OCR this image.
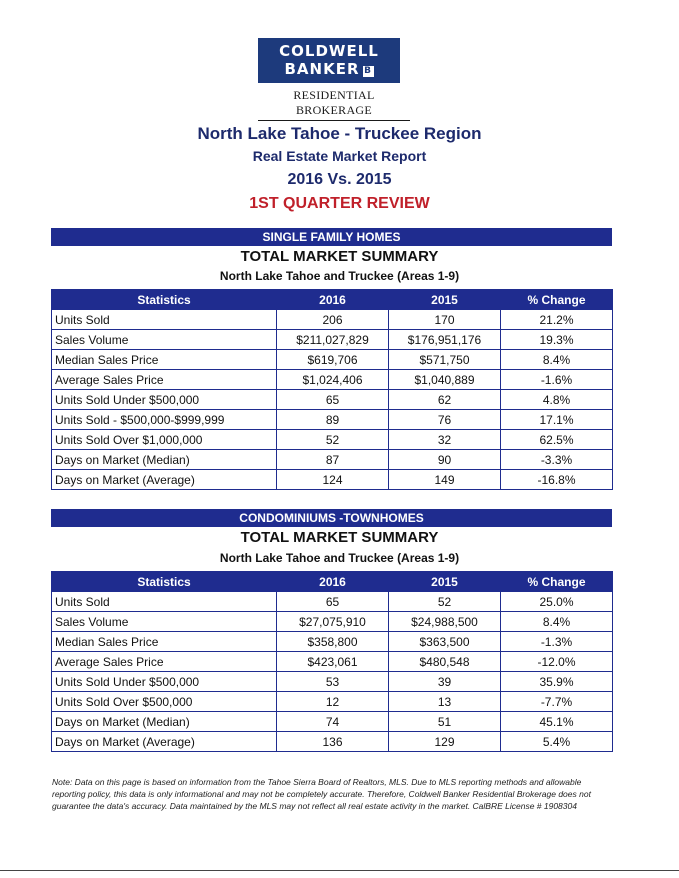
COLDWELL
BANKER B
RESIDENTIAL BROKERAGE
North Lake Tahoe - Truckee Region
Real Estate Market Report
2016 Vs. 2015
1ST QUARTER REVIEW
SINGLE FAMILY HOMES
TOTAL MARKET SUMMARY
North Lake Tahoe and Truckee (Areas 1-9)
Statistics	2016	2015	% Change
Units Sold	206	170	21.2%
Sales Volume	$211,027,829	$176,951,176	19.3%
Median Sales Price	$619,706	$571,750	8.4%
Average Sales Price	$1,024,406	$1,040,889	-1.6%
Units Sold Under $500,000	65	62	4.8%
Units Sold - $500,000-$999,999	89	76	17.1%
Units Sold Over $1,000,000	52	32	62.5%
Days on Market (Median)	87	90	-3.3%
Days on Market (Average)	124	149	-16.8%
CONDOMINIUMS -TOWNHOMES
TOTAL MARKET SUMMARY
North Lake Tahoe and Truckee (Areas 1-9)
Statistics	2016	2015	% Change
Units Sold	65	52	25.0%
Sales Volume	$27,075,910	$24,988,500	8.4%
Median Sales Price	$358,800	$363,500	-1.3%
Average Sales Price	$423,061	$480,548	-12.0%
Units Sold Under $500,000	53	39	35.9%
Units Sold Over $500,000	12	13	-7.7%
Days on Market (Median)	74	51	45.1%
Days on Market (Average)	136	129	5.4%
Note: Data on this page is based on information from the Tahoe Sierra Board of Realtors, MLS. Due to MLS reporting methods and allowable reporting policy, this data is only informational and may not be completely accurate. Therefore, Coldwell Banker Residential Brokerage does not guarantee the data's accuracy. Data maintained by the MLS may not reflect all real estate activity in the market. CalBRE License # 1908304
